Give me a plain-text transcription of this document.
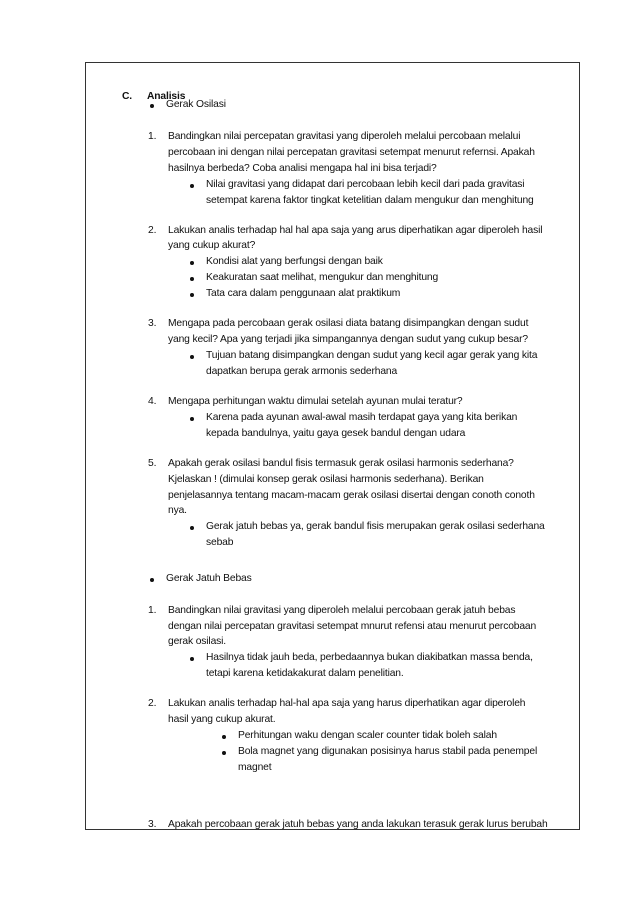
C. Analisis
Gerak Osilasi
1. Bandingkan nilai percepatan gravitasi yang diperoleh melalui percobaan melalui
percobaan ini dengan nilai percepatan gravitasi setempat menurut refernsi. Apakah
hasilnya berbeda? Coba analisi mengapa hal ini bisa terjadi?
Nilai gravitasi yang didapat dari percobaan lebih kecil dari pada gravitasi
setempat karena faktor tingkat ketelitian dalam mengukur dan menghitung
2. Lakukan analis terhadap hal hal apa saja yang arus diperhatikan agar diperoleh hasil
yang cukup akurat?
Kondisi alat yang berfungsi dengan baik
Keakuratan saat melihat, mengukur dan menghitung
Tata cara dalam penggunaan alat praktikum
3. Mengapa pada percobaan gerak osilasi diata batang disimpangkan dengan sudut
yang kecil? Apa yang terjadi jika simpangannya dengan sudut yang cukup besar?
Tujuan batang disimpangkan dengan sudut yang kecil agar gerak yang kita
dapatkan berupa gerak armonis sederhana
4. Mengapa perhitungan waktu dimulai setelah ayunan mulai teratur?
Karena pada ayunan awal-awal masih terdapat gaya yang kita berikan
kepada bandulnya, yaitu gaya gesek bandul dengan udara
5. Apakah gerak osilasi bandul fisis termasuk gerak osilasi harmonis sederhana?
Kjelaskan ! (dimulai konsep gerak osilasi harmonis sederhana). Berikan
penjelasannya tentang macam-macam gerak osilasi disertai dengan conoth conoth
nya.
Gerak jatuh bebas ya, gerak bandul fisis merupakan gerak osilasi sederhana
sebab
Gerak Jatuh Bebas
1. Bandingkan nilai gravitasi yang diperoleh melalui percobaan gerak jatuh bebas
dengan nilai percepatan gravitasi setempat mnurut refensi atau menurut percobaan
gerak osilasi.
Hasilnya tidak jauh beda, perbedaannya bukan diakibatkan massa benda,
tetapi karena ketidakakurat dalam penelitian.
2. Lakukan analis terhadap hal-hal apa saja yang harus diperhatikan agar diperoleh
hasil yang cukup akurat.
Perhitungan waku dengan scaler counter tidak boleh salah
Bola magnet yang digunakan posisinya harus stabil pada penempel
magnet
3. Apakah percobaan gerak jatuh bebas yang anda lakukan terasuk gerak lurus berubah
